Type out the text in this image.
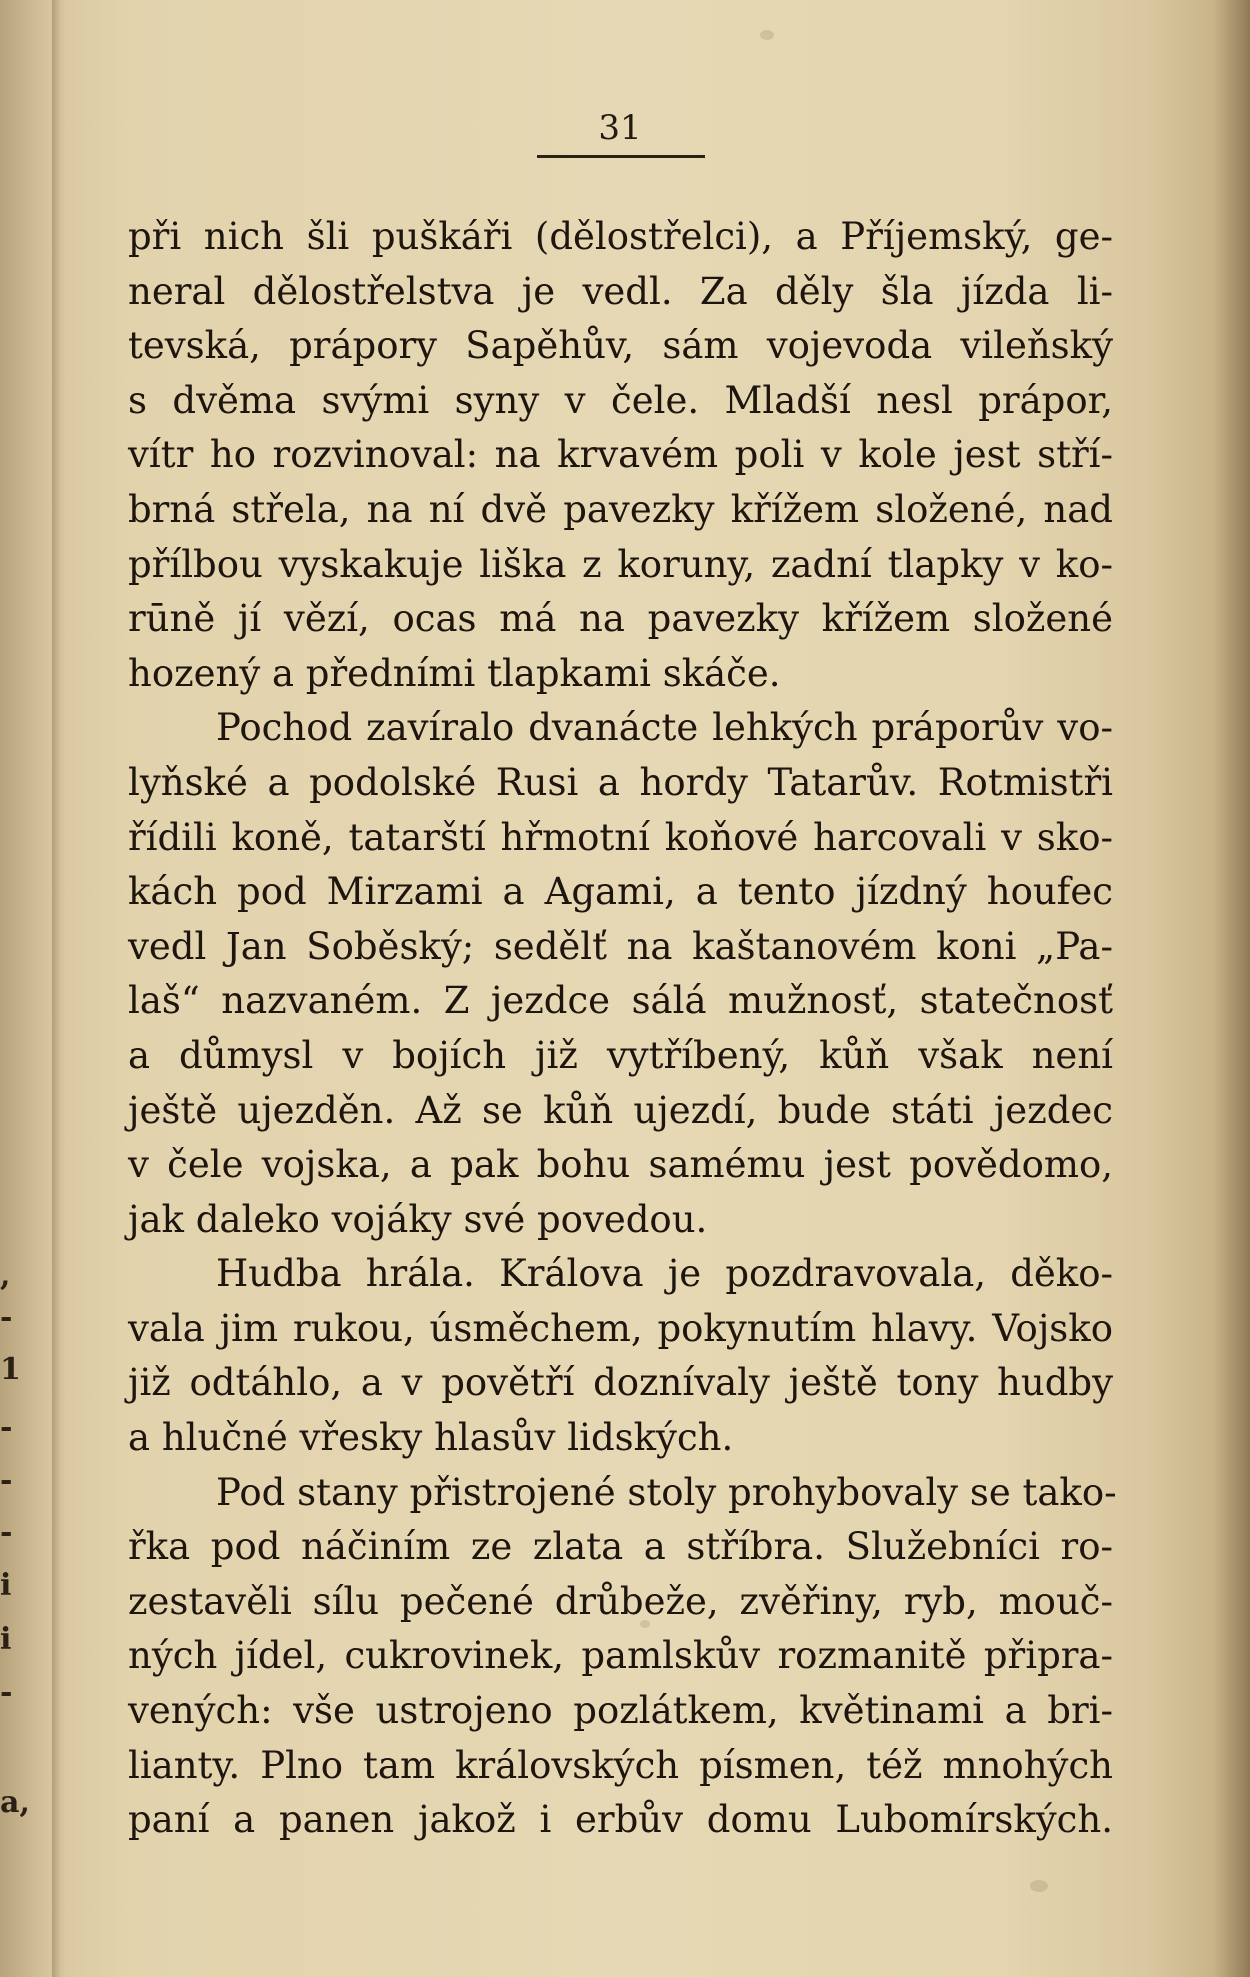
,
-
1
-
-
-
i
i
-
a,
31
při nich šli puškáři (dělostřelci), a Příjemský, ge-
neral dělostřelstva je vedl. Za děly šla jízda li-
tevská, prápory Sapěhův, sám vojevoda vileňský
s dvěma svými syny v čele. Mladší nesl prápor,
vítr ho rozvinoval: na krvavém poli v kole jest stří-
brná střela, na ní dvě pavezky křížem složené, nad
přílbou vyskakuje liška z koruny, zadní tlapky v ko-
rūně jí vězí, ocas má na pavezky křížem složené
hozený a předními tlapkami skáče.
Pochod zavíralo dvanácte lehkých práporův vo-
lyňské a podolské Rusi a hordy Tatarův. Rotmistři
řídili koně, tatarští hřmotní koňové harcovali v sko-
kách pod Mirzami a Agami, a tento jízdný houfec
vedl Jan Soběský; sedělť na kaštanovém koni „Pa-
laš“ nazvaném. Z jezdce sálá mužnosť, statečnosť
a důmysl v bojích již vytříbený, kůň však není
ještě ujezděn. Až se kůň ujezdí, bude státi jezdec
v čele vojska, a pak bohu samému jest povědomo,
jak daleko vojáky své povedou.
Hudba hrála. Králova je pozdravovala, děko-
vala jim rukou, úsměchem, pokynutím hlavy. Vojsko
již odtáhlo, a v povětří doznívaly ještě tony hudby
a hlučné vřesky hlasův lidských.
Pod stany přistrojené stoly prohybovaly se tako-
řka pod náčiním ze zlata a stříbra. Služebníci ro-
zestavěli sílu pečené drůbeže, zvěřiny, ryb, mouč-
ných jídel, cukrovinek, pamlskův rozmanitě připra-
vených: vše ustrojeno pozlátkem, květinami a bri-
lianty. Plno tam královských písmen, též mnohých
paní a panen jakož i erbův domu Lubomírských.
